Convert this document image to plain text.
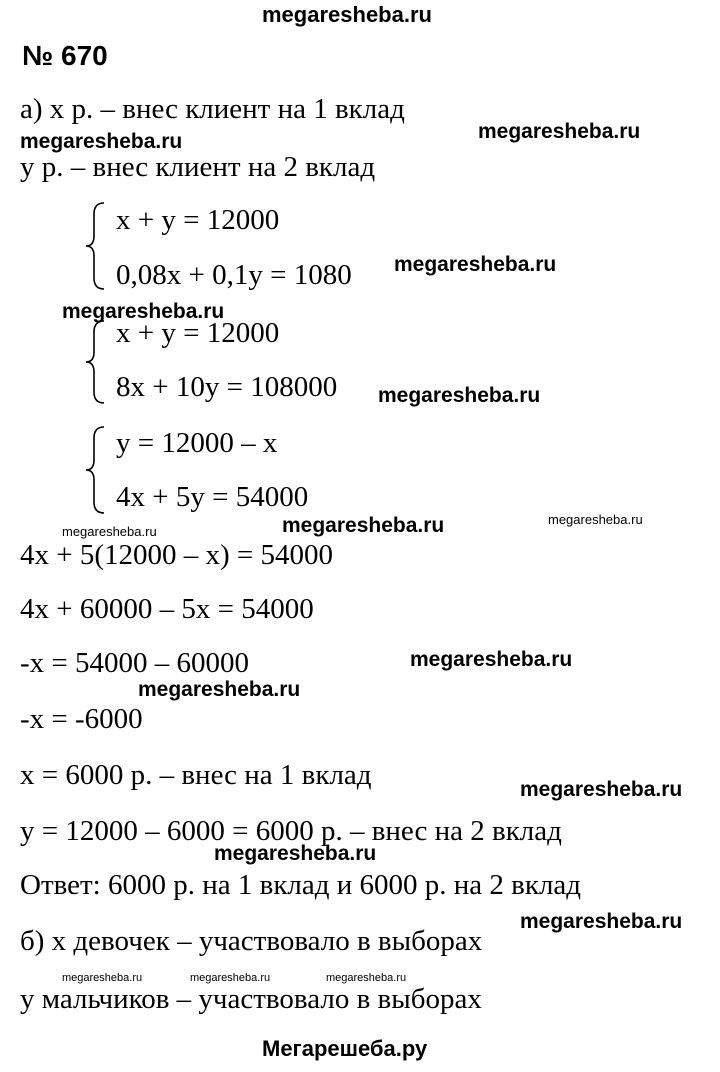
megaresheba.ru
№ 670
а) x р. – внес клиент на 1 вклад
megaresheba.ru
megaresheba.ru
y р. – внес клиент на 2 вклад
x + y = 12000
0,08x + 0,1y = 1080 megaresheba.ru
megaresheba.ru
x + y = 12000
8x + 10y = 108000 megaresheba.ru
y = 12000 – x
4x + 5y = 54000
megaresheba.ru	megaresheba.ru	megaresheba.ru
4x + 5(12000 – x) = 54000
4x + 60000 – 5x = 54000
-x = 54000 – 60000	megaresheba.ru
megaresheba.ru
-x = -6000
x = 6000 р. – внес на 1 вклад	megaresheba.ru
y = 12000 – 6000 = 6000 р. – внес на 2 вклад
megaresheba.ru
Ответ: 6000 р. на 1 вклад и 6000 р. на 2 вклад
megaresheba.ru
б) x девочек – участвовало в выборах
megaresheba.ru	megaresheba.ru	megaresheba.ru
y мальчиков – участвовало в выборах
Мегарешеба.ру
